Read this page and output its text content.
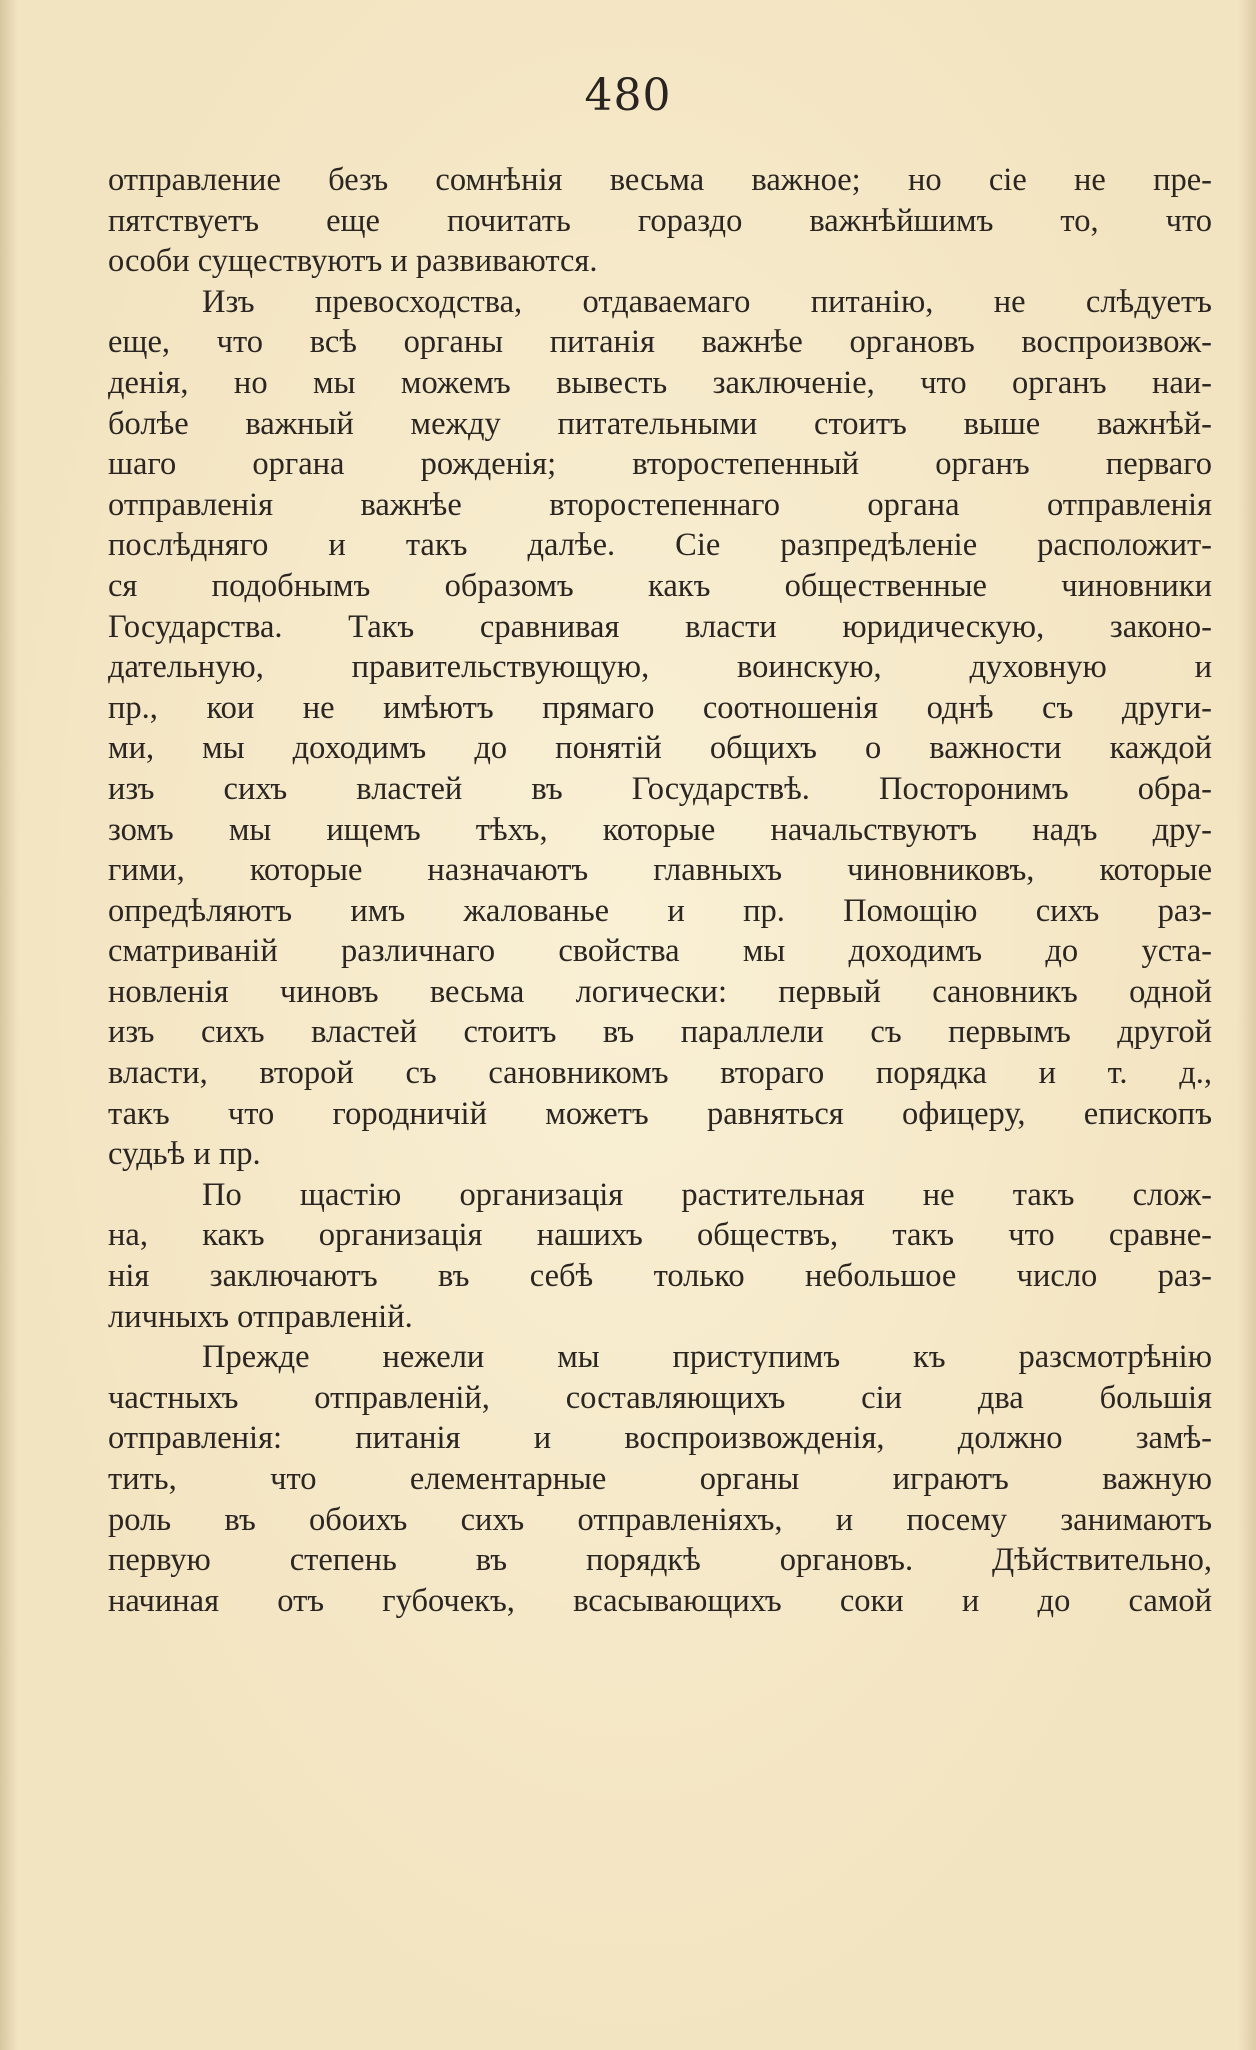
480
отправление безъ сомнѣнія весьма важное; но сіе не пре-
пятствуетъ еще почитать гораздо важнѣйшимъ то, что
особи существуютъ и развиваются.
Изъ превосходства, отдаваемаго питанію, не слѣдуетъ
еще, что всѣ органы питанія важнѣе органовъ воспроизвож-
денія, но мы можемъ вывесть заключеніе, что органъ наи-
болѣе важный между питательными стоитъ выше важнѣй-
шаго органа рожденія; второстепенный органъ перваго
отправленія важнѣе второстепеннаго органа отправленія
послѣдняго и такъ далѣе. Сіе разпредѣленіе расположит-
ся подобнымъ образомъ какъ общественные чиновники
Государства. Такъ сравнивая власти юридическую, законо-
дательную, правительствующую, воинскую, духовную и
пр., кои не имѣютъ прямаго соотношенія однѣ съ други-
ми, мы доходимъ до понятій общихъ о важности каждой
изъ сихъ властей въ Государствѣ. Посторонимъ обра-
зомъ мы ищемъ тѣхъ, которые начальствуютъ надъ дру-
гими, которые назначаютъ главныхъ чиновниковъ, которые
опредѣляютъ имъ жалованье и пр. Помощію сихъ раз-
сматриваній различнаго свойства мы доходимъ до уста-
новленія чиновъ весьма логически: первый сановникъ одной
изъ сихъ властей стоитъ въ параллели съ первымъ другой
власти, второй съ сановникомъ втораго порядка и т. д.,
такъ что городничій можетъ равняться офицеру, епископъ
судьѣ и пр.
По щастію организація растительная не такъ слож-
на, какъ организація нашихъ обществъ, такъ что сравне-
нія заключаютъ въ себѣ только небольшое число раз-
личныхъ отправленій.
Прежде нежели мы приступимъ къ разсмотрѣнію
частныхъ отправленій, составляющихъ сіи два большія
отправленія: питанія и воспроизвожденія, должно замѣ-
тить, что елементарные органы играютъ важную
роль въ обоихъ сихъ отправленіяхъ, и посему занимаютъ
первую степень въ порядкѣ органовъ. Дѣйствительно,
начиная отъ губочекъ, всасывающихъ соки и до самой
